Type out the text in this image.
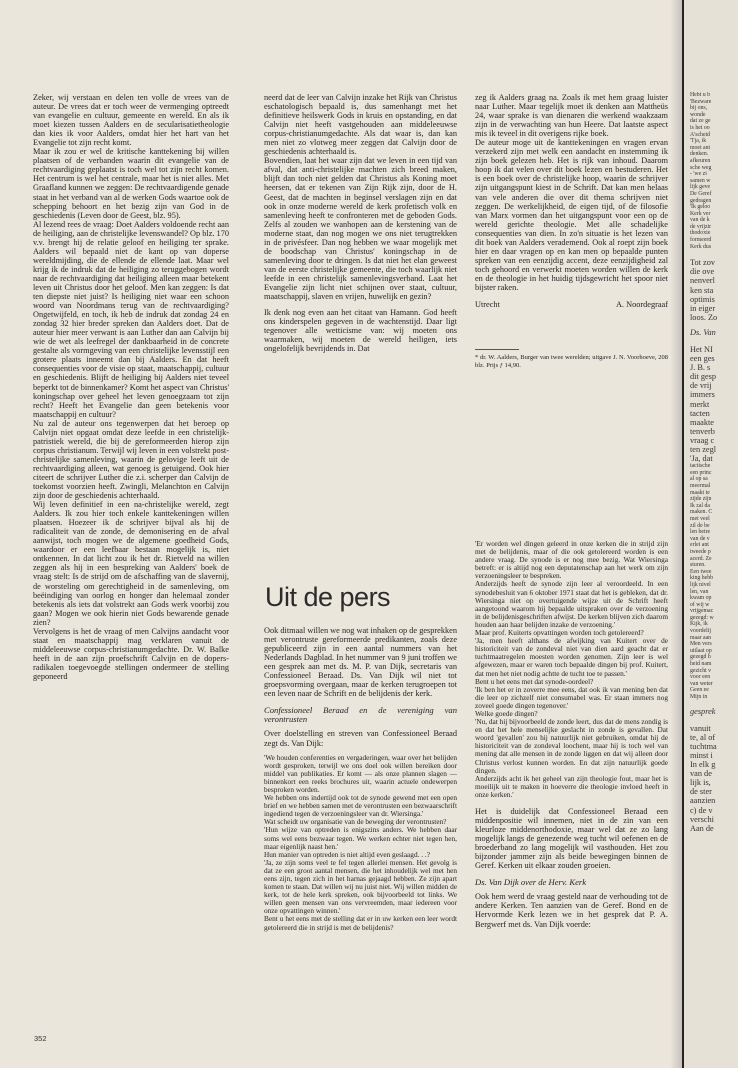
Zeker, wij verstaan en delen ten volle de vrees van de auteur. De vrees dat er toch weer de vermenging optreedt van evangelie en cultuur, gemeente en wereld. En als ik moet kiezen tussen Aalders en de secularisatietheologie dan kies ik voor Aalders, omdat hier het hart van het Evangelie tot zijn recht komt.

Maar ik zou er wel de kritische kanttekening bij willen plaatsen of de verbanden waarin dit evangelie van de rechtvaardiging geplaatst is toch wel tot zijn recht komen. Het centrum is wel het centrale, maar het is niet alles. Met Graafland kunnen we zeggen: De rechtvaardigende genade staat in het verband van al de werken Gods waartoe ook de schepping behoort en het bezig zijn van God in de geschiedenis (Leven door de Geest, blz. 95).

Al lezend rees de vraag: Doet Aalders voldoende recht aan de heiliging, aan de christelijke levenswandel? Op blz. 170 v.v. brengt hij de relatie geloof en heiliging ter sprake. Aalders wil bepaald niet de kant op van doperse wereldmijding, die de ellende de ellende laat. Maar wel krijg ik de indruk dat de heiliging zo teruggebogen wordt naar de rechtvaardiging dat heiliging alleen maar betekent leven uit Christus door het geloof. Men kan zeggen: Is dat ten diepste niet juist? Is heiliging niet waar een schoon woord van Noordmans terug van de rechtvaardiging? Ongetwijfeld, en toch, ik heb de indruk dat zondag 24 en zondag 32 hier breder spreken dan Aalders doet. Dat de auteur hier meer verwant is aan Luther dan aan Calvijn bij wie de wet als leefregel der dankbaarheid in de concrete gestalte als vormgeving van een christelijke levensstijl een grotere plaats inneemt dan bij Aalders. En dat heeft consequenties voor de visie op staat, maatschappij, cultuur en geschiedenis. Blijft de heiliging bij Aalders niet teveel beperkt tot de binnenkamer? Komt het aspect van Christus' koningschap over geheel het leven genoegzaam tot zijn recht? Heeft het Evangelie dan geen betekenis voor maatschappij en cultuur?

Nu zal de auteur ons tegenwerpen dat het beroep op Calvijn niet opgaat omdat deze leefde in een christelijk-patristiek wereld, die bij de gereformeerden hierop zijn corpus christianum. Terwijl wij leven in een volstrekt post-christelijke samenleving, waarin de gelovige leeft uit de rechtvaardiging alleen, wat genoeg is getuigend. Ook hier citeert de schrijver Luther die z.i. scherper dan Calvijn de toekomst voorzien heeft. Zwingli, Melanchton en Calvijn zijn door de geschiedenis achterhaald.

Wij leven definitief in een na-christelijke wereld, zegt Aalders. Ik zou hier toch enkele kanttekeningen willen plaatsen. Hoezeer ik de schrijver bijval als hij de radicaliteit van de zonde, de demonisering en de afval aanwijst, toch mogen we de algemene goedheid Gods, waardoor er een leefbaar bestaan mogelijk is, niet ontkennen. In dat licht zou ik het dr. Rietveld na willen zeggen als hij in een bespreking van Aalders' boek de vraag stelt: Is de strijd om de afschaffing van de slavernij, de worsteling om gerechtigheid in de samenleving, om beëindiging van oorlog en honger dan helemaal zonder betekenis als iets dat volstrekt aan Gods werk voorbij zou gaan? Mogen we ook hierin niet Gods bewarende genade zien?

Vervolgens is het de vraag of men Calvijns aandacht voor staat en maatschappij mag verklaren vanuit de middeleeuwse corpus-christianumgedachte. Dr. W. Balke heeft in de aan zijn proefschrift Calvijn en de dopers-radikalen toegevoegde stellingen ondermeer de stelling geponeerd

neerd dat de leer van Calvijn inzake het Rijk van Christus eschatologisch bepaald is, dus samenhangt met het definitieve heilswerk Gods in kruis en opstanding, en dat Calvijn niet heeft vastgehouden aan middeleeuwse corpus-christianumgedachte. Als dat waar is, dan kan men niet zo vlotweg meer zeggen dat Calvijn door de geschiedenis achterhaald is.

Bovendien, laat het waar zijn dat we leven in een tijd van afval, dat anti-christelijke machten zich breed maken, blijft dan toch niet gelden dat Christus als Koning moet heersen, dat er tekenen van Zijn Rijk zijn, door de H. Geest, dat de machten in beginsel verslagen zijn en dat ook in onze moderne wereld de kerk profetisch volk en samenleving heeft te confronteren met de geboden Gods. Zelfs al zouden we wanhopen aan de kerstening van de moderne staat, dan nog mogen we ons niet terugtrekken in de privésfeer. Dan nog hebben we waar mogelijk met de boodschap van Christus' koningschap in de samenleving door te dringen. Is dat niet het elan geweest van de eerste christelijke gemeente, die toch waarlijk niet leefde in een christelijk samenlevingsverband. Laat het Evangelie zijn licht niet schijnen over staat, cultuur, maatschappij, slaven en vrijen, huwelijk en gezin?

Ik denk nog even aan het citaat van Hamann. God heeft ons kinderspelen gegeven in de wachtenstijd. Daar ligt tegenover alle wetticisme van: wij moeten ons waarmaken, wij moeten de wereld heiligen, iets ongelofelijk bevrijdends in. Dat

zeg ik Aalders graag na. Zoals ik met hem graag luister naar Luther. Maar tegelijk moet ik denken aan Mattheüs 24, waar sprake is van dienaren die werkend waakzaam zijn in de verwachting van hun Heere. Dat laatste aspect mis ik teveel in dit overigens rijke boek.

De auteur moge uit de kanttekeningen en vragen ervan verzekerd zijn met welk een aandacht en instemming ik zijn boek gelezen heb. Het is rijk van inhoud. Daarom hoop ik dat velen over dit boek lezen en bestuderen. Het is een boek over de christelijke hoop, waarin de schrijver zijn uitgangspunt kiest in de Schrift. Dat kan men helaas van vele anderen die over dit thema schrijven niet zeggen. De werkelijkheid, de eigen tijd, of de filosofie van Marx vormen dan het uitgangspunt voor een op de wereld gerichte theologie. Met alle schadelijke consequenties van dien. In zo'n situatie is het lezen van dit boek van Aalders verademend. Ook al roept zijn boek hier en daar vragen op en kan men op bepaalde punten spreken van een eenzijdig accent, deze eenzijdigheid zal toch gehoord en verwerkt moeten worden willen de kerk en de theologie in het huidig tijdsgewricht het spoor niet bijster raken.

Utrecht	A. Noordegraaf
* dr. W. Aalders, Burger van twee werelden; uitgave J. N. Voorhoeve, 208 blz. Prijs ƒ 14,90.
Uit de pers

Ook ditmaal willen we nog wat inhaken op de gesprekken met verontruste gereformeerde predikanten, zoals deze gepubliceerd zijn in een aantal nummers van het Nederlands Dagblad. In het nummer van 9 juni troffen we een gesprek aan met ds. M. P. van Dijk, secretaris van Confessioneel Beraad. Ds. Van Dijk wil niet tot groepsvorming overgaan, maar de kerken terugroepen tot een leven naar de Schrift en de belijdenis der kerk.

Confessioneel Beraad en de vereniging van verontrusten

Over doelstelling en streven van Confessioneel Beraad zegt ds. Van Dijk:

'We houden conferenties en vergaderingen, waar over het belijden wordt gesproken, terwijl we ons doel ook willen bereiken door middel van publikaties. Er komt — als onze plannen slagen — binnenkort een reeks brochures uit, waarin actuele ondewerpen besproken worden.

We hebben ons indertijd ook tot de synode gewend met een open brief en we hebben samen met de verontrusten een bezwaarschrift ingediend tegen de verzoeningsleer van dr. Wiersinga.'

Wat scheidt uw organisatie van de beweging der verontrusten?

'Hun wijze van optreden is enigszins anders. We hebben daar soms wel eens bezwaar tegen. We werken echter niet tegen hen, maar eigenlijk naast hen.'

Hun manier van optreden is niet altijd even geslaagd. . .?

'Ja, ze zijn soms veel te fel tegen allerlei mensen. Het gevolg is dat ze een groot aantal mensen, die het inhoudelijk wel met hen eens zijn, tegen zich in het harnas gejaagd hebben. Ze zijn apart komen te staan. Dat willen wij nu juist niet. Wij willen midden de kerk, tot de hele kerk spreken, ook bijvoorbeeld tot links. We willen geen mensen van ons vervreemden, maar iedereen voor onze opvattingen winnen.'

Bent u het eens met de stelling dat er in uw kerken een leer wordt getolereerd die in strijd is met de belijdenis?

'Er worden wel dingen geleerd in onze kerken die in strijd zijn met de belijdenis, maar of die ook getolereerd worden is een andere vraag. De synode is er nog mee bezig. Wat Wiersinga betreft: er is altijd nog een deputatenschap aan het werk om zijn verzoeningsleer te bespreken.

Anderzijds heeft de synode zijn leer al veroordeeld. In een synodebesluit van 6 oktober 1971 staat dat het is gebleken, dat dr. Wiersinga niet op overtuigende wijze uit de Schrift heeft aangetoond waarom hij bepaalde uitspraken over de verzoening in de belijdenisgeschriften afwijst. De kerken blijven zich daarom houden aan haar belijden inzake de verzoening.'

Maar prof. Kuiterts opvattingen worden toch getolereerd?

'Ja, men heeft althans de afwijking van Kuitert over de historiciteit van de zondeval niet van dien aard geacht dat er tuchtmaatregelen moesten worden genomen. Zijn leer is wel afgewezen, maar er waren toch bepaalde dingen bij prof. Kuitert, dat men het niet nodig achtte de tucht toe te passen.'

Bent u het eens met dat synode-oordeel?

'Ik ben het er in zoverre mee eens, dat ook ik van mening ben dat die leer op zichzelf niet consumabel was. Er staan immers nog zoveel goede dingen tegenover.'

Welke goede dingen?

'Nu, dat hij bijvoorbeeld de zonde leert, dus dat de mens zondig is en dat het hele menselijke geslacht in zonde is gevallen. Dat woord 'gevallen' zou hij natuurlijk niet gebruiken, omdat hij de historiciteit van de zondeval loochent, maar hij is toch wel van mening dat alle mensen in de zonde liggen en dat wij alleen door Christus verlost kunnen worden. En dat zijn natuurlijk goede dingen.

Anderzijds acht ik het geheel van zijn theologie fout, maar het is moeilijk uit te maken in hoeverre die theologie invloed heeft in onze kerken.'

Het is duidelijk dat Confessioneel Beraad een middenpositie wil innemen, niet in de zin van een kleurloze middenorthodoxie, maar wel dat ze zo lang mogelijk langs de genezende weg tucht wil oefenen en de broederband zo lang mogelijk wil vasthouden. Het zou bijzonder jammer zijn als beide bewegingen binnen de Geref. Kerken uit elkaar zouden groeien.

Ds. Van Dijk over de Herv. Kerk

Ook hem werd de vraag gesteld naar de verhouding tot de andere Kerken. Ten aanzien van de Geref. Bond en de Hervormde Kerk lezen we in het gesprek dat P. A. Bergwerf met ds. Van Dijk voerde:

352
Hebt u b
'Bezware
bij ons,
wonde
dat ze ge
is het oo
A'scheid
'Tja, ik
moet ant
denken.
afkeuren
sche weg
- 'we zi
samen w
lijk geve
De Geref
gedragen
'Ik geloo
Kerk ver
van de k
de vrijzir
thodoxie
formeerd
Kerk dus
Tot zov
die ove
nenverl
ken sta
optimis
in eiger
loos. Zo
Ds. Van
Het NI
een ges
J. B. s
dit gesp
de vrij
immers
merkt
tacten
maakte
tenverb
vraag c
ten zegl
'Ja, dat
tactische
een princ
al op sa
meermal
maakt te
zijde zijn
Ik zal da
maken. C
met veel
zil de be
len betre
van de v
erlei ant
tweede p
acerd. Ze
sturen.
Een twee
king hebb
lijk nivel
len, van
kwam op
of wij w
vrijgemac
gezegd: w
Kijk, ik
voordelij
maar aan
Men vers
uitlaat op
gezegd h
heid nam
gezicht v
voor een
van weter
Geen ee
Mijn in
gesprek
vanuit
te, al of
tuchtma
minst i
In elk g
van de
lijk is,
de ster
aanzien
c) de v
verschi
Aan de
